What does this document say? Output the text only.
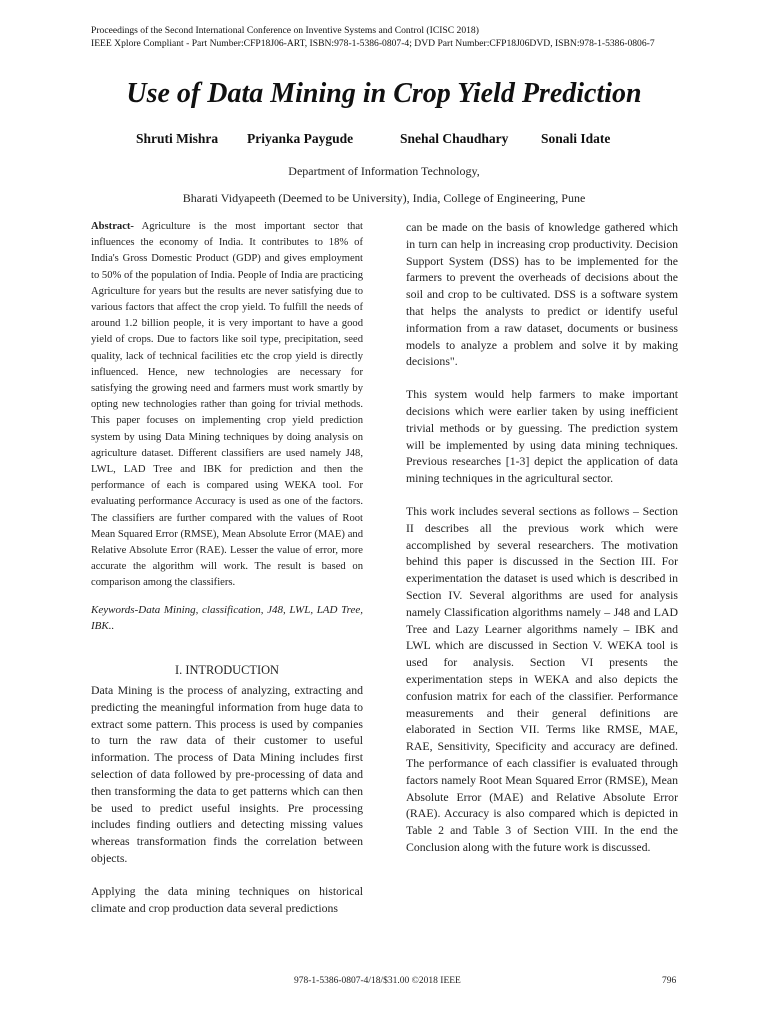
Proceedings of the Second International Conference on Inventive Systems and Control (ICISC 2018)
IEEE Xplore Compliant - Part Number:CFP18J06-ART, ISBN:978-1-5386-0807-4; DVD Part Number:CFP18J06DVD, ISBN:978-1-5386-0806-7
Use of Data Mining in Crop Yield Prediction
Shruti Mishra Priyanka Paygude	Snehal Chaudhary Sonali Idate
Department of Information Technology,
Bharati Vidyapeeth (Deemed to be University), India, College of Engineering, Pune

Abstract- Agriculture is the most important sector that influences the economy of India. It contributes to 18% of India's Gross Domestic Product (GDP) and gives employment to 50% of the population of India. People of India are practicing Agriculture for years but the results are never satisfying due to various factors that affect the crop yield. To fulfill the needs of around 1.2 billion people, it is very important to have a good yield of crops. Due to factors like soil type, precipitation, seed quality, lack of technical facilities etc the crop yield is directly influenced. Hence, new technologies are necessary for satisfying the growing need and farmers must work smartly by opting new technologies rather than going for trivial methods. This paper focuses on implementing crop yield prediction system by using Data Mining techniques by doing analysis on agriculture dataset. Different classifiers are used namely J48, LWL, LAD Tree and IBK for prediction and then the performance of each is compared using WEKA tool. For evaluating performance Accuracy is used as one of the factors. The classifiers are further compared with the values of Root Mean Squared Error (RMSE), Mean Absolute Error (MAE) and Relative Absolute Error (RAE). Lesser the value of error, more accurate the algorithm will work. The result is based on comparison among the classifiers.

Keywords-Data Mining, classification, J48, LWL, LAD Tree, IBK..

I. INTRODUCTION

Data Mining is the process of analyzing, extracting and predicting the meaningful information from huge data to extract some pattern. This process is used by companies to turn the raw data of their customer to useful information. The process of Data Mining includes first selection of data followed by pre-processing of data and then transforming the data to get patterns which can then be used to predict useful insights. Pre processing includes finding outliers and detecting missing values whereas transformation finds the correlation between objects.

Applying the data mining techniques on historical climate and crop production data several predictions

can be made on the basis of knowledge gathered which in turn can help in increasing crop productivity. Decision Support System (DSS) has to be implemented for the farmers to prevent the overheads of decisions about the soil and crop to be cultivated. DSS is a software system that helps the analysts to predict or identify useful information from a raw dataset, documents or business models to analyze a problem and solve it by making decisions".

This system would help farmers to make important decisions which were earlier taken by using inefficient trivial methods or by guessing. The prediction system will be implemented by using data mining techniques. Previous researches [1-3] depict the application of data mining techniques in the agricultural sector.

This work includes several sections as follows – Section II describes all the previous work which were accomplished by several researchers. The motivation behind this paper is discussed in the Section III. For experimentation the dataset is used which is described in Section IV. Several algorithms are used for analysis namely Classification algorithms namely – J48 and LAD Tree and Lazy Learner algorithms namely – IBK and LWL which are discussed in Section V. WEKA tool is used for analysis. Section VI presents the experimentation steps in WEKA and also depicts the confusion matrix for each of the classifier. Performance measurements and their general definitions are elaborated in Section VII. Terms like RMSE, MAE, RAE, Sensitivity, Specificity and accuracy are defined. The performance of each classifier is evaluated through factors namely Root Mean Squared Error (RMSE), Mean Absolute Error (MAE) and Relative Absolute Error (RAE). Accuracy is also compared which is depicted in Table 2 and Table 3 of Section VIII. In the end the Conclusion along with the future work is discussed.

978-1-5386-0807-4/18/$31.00 ©2018 IEEE	796
